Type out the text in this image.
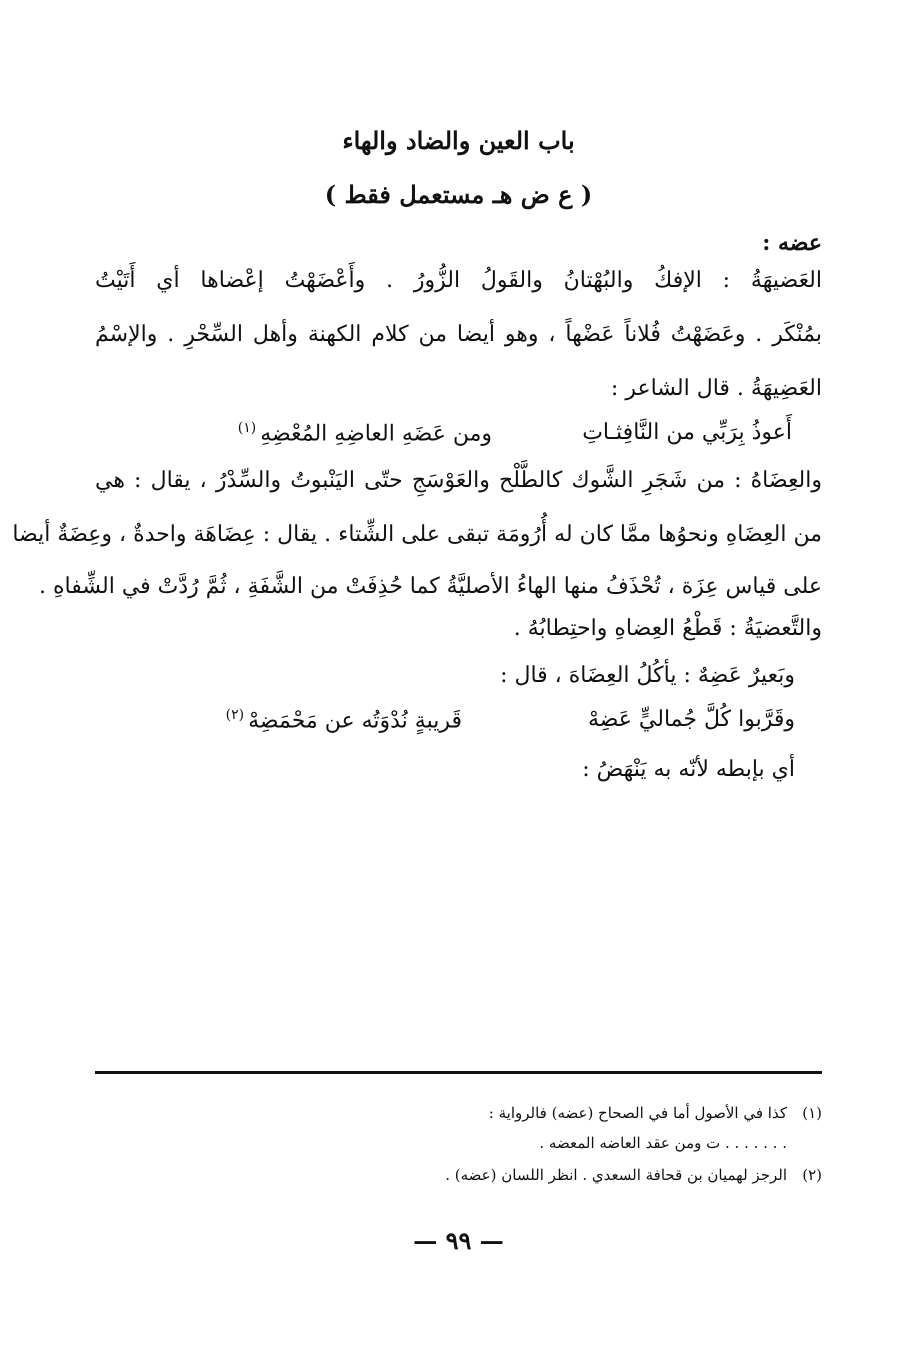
باب العين والضاد والهاء
( ع ض هـ مستعمل فقط )
عضه :
العَضيهَةُ : الإفكُ والبُهْتانُ والقَولُ الزُّورُ . وأَعْضَهْتُ إعْضاها أي أَتَيْتُ
بمُنْكَر . وعَضَهْتُ فُلاناً عَضْهاً ، وهو أيضا من كلام الكهنة وأهل السِّحْرِ . والإسْمُ
العَضِيهَةُ . قال الشاعر :
أَعوذُ بِرَبِّي من النَّافِثـاتِ
ومن عَضَهِ العاضِهِ المُعْضِهِ$^{(١)}$
والعِضَاهُ : من شَجَرِ الشَّوك كالطَّلْح والعَوْسَجِ حتّى اليَنْبوتُ والسِّدْرُ ، يقال : هي
من العِضَاهِ ونحوُها ممَّا كان له أُرُومَة تبقى على الشِّتاء . يقال : عِضَاهَة واحدةٌ ، وعِضَةٌ أيضا
على قياس عِزَة ، تُحْذَفُ منها الهاءُ الأصليَّةُ كما حُذِفَتْ من الشَّفَةِ ، ثُمَّ رُدَّتْ في الشِّفاهِ .
والتَّعضيَةُ : قَطْعُ العِضاهِ واحتِطابُهُ .
وبَعيرٌ عَضِهٌ : يأكُلُ العِضَاهَ ، قال :
وقَرَّبوا كُلَّ جُماليٍّ عَضِهْ
قَريبةٍ نُدْوَتُه عن مَحْمَضِهْ$^{(٢)}$
أي بإبطه لأنّه به يَنْهَضُ :
(١)
كذا في الأصول أما في الصحاح (عضه) فالرواية :
. . . . . . . ت ومن عقد العاضه المعضه .
(٢)
الرجز لهميان بن قحافة السعدي . انظر اللسان (عضه) .
— ٩٩ —
